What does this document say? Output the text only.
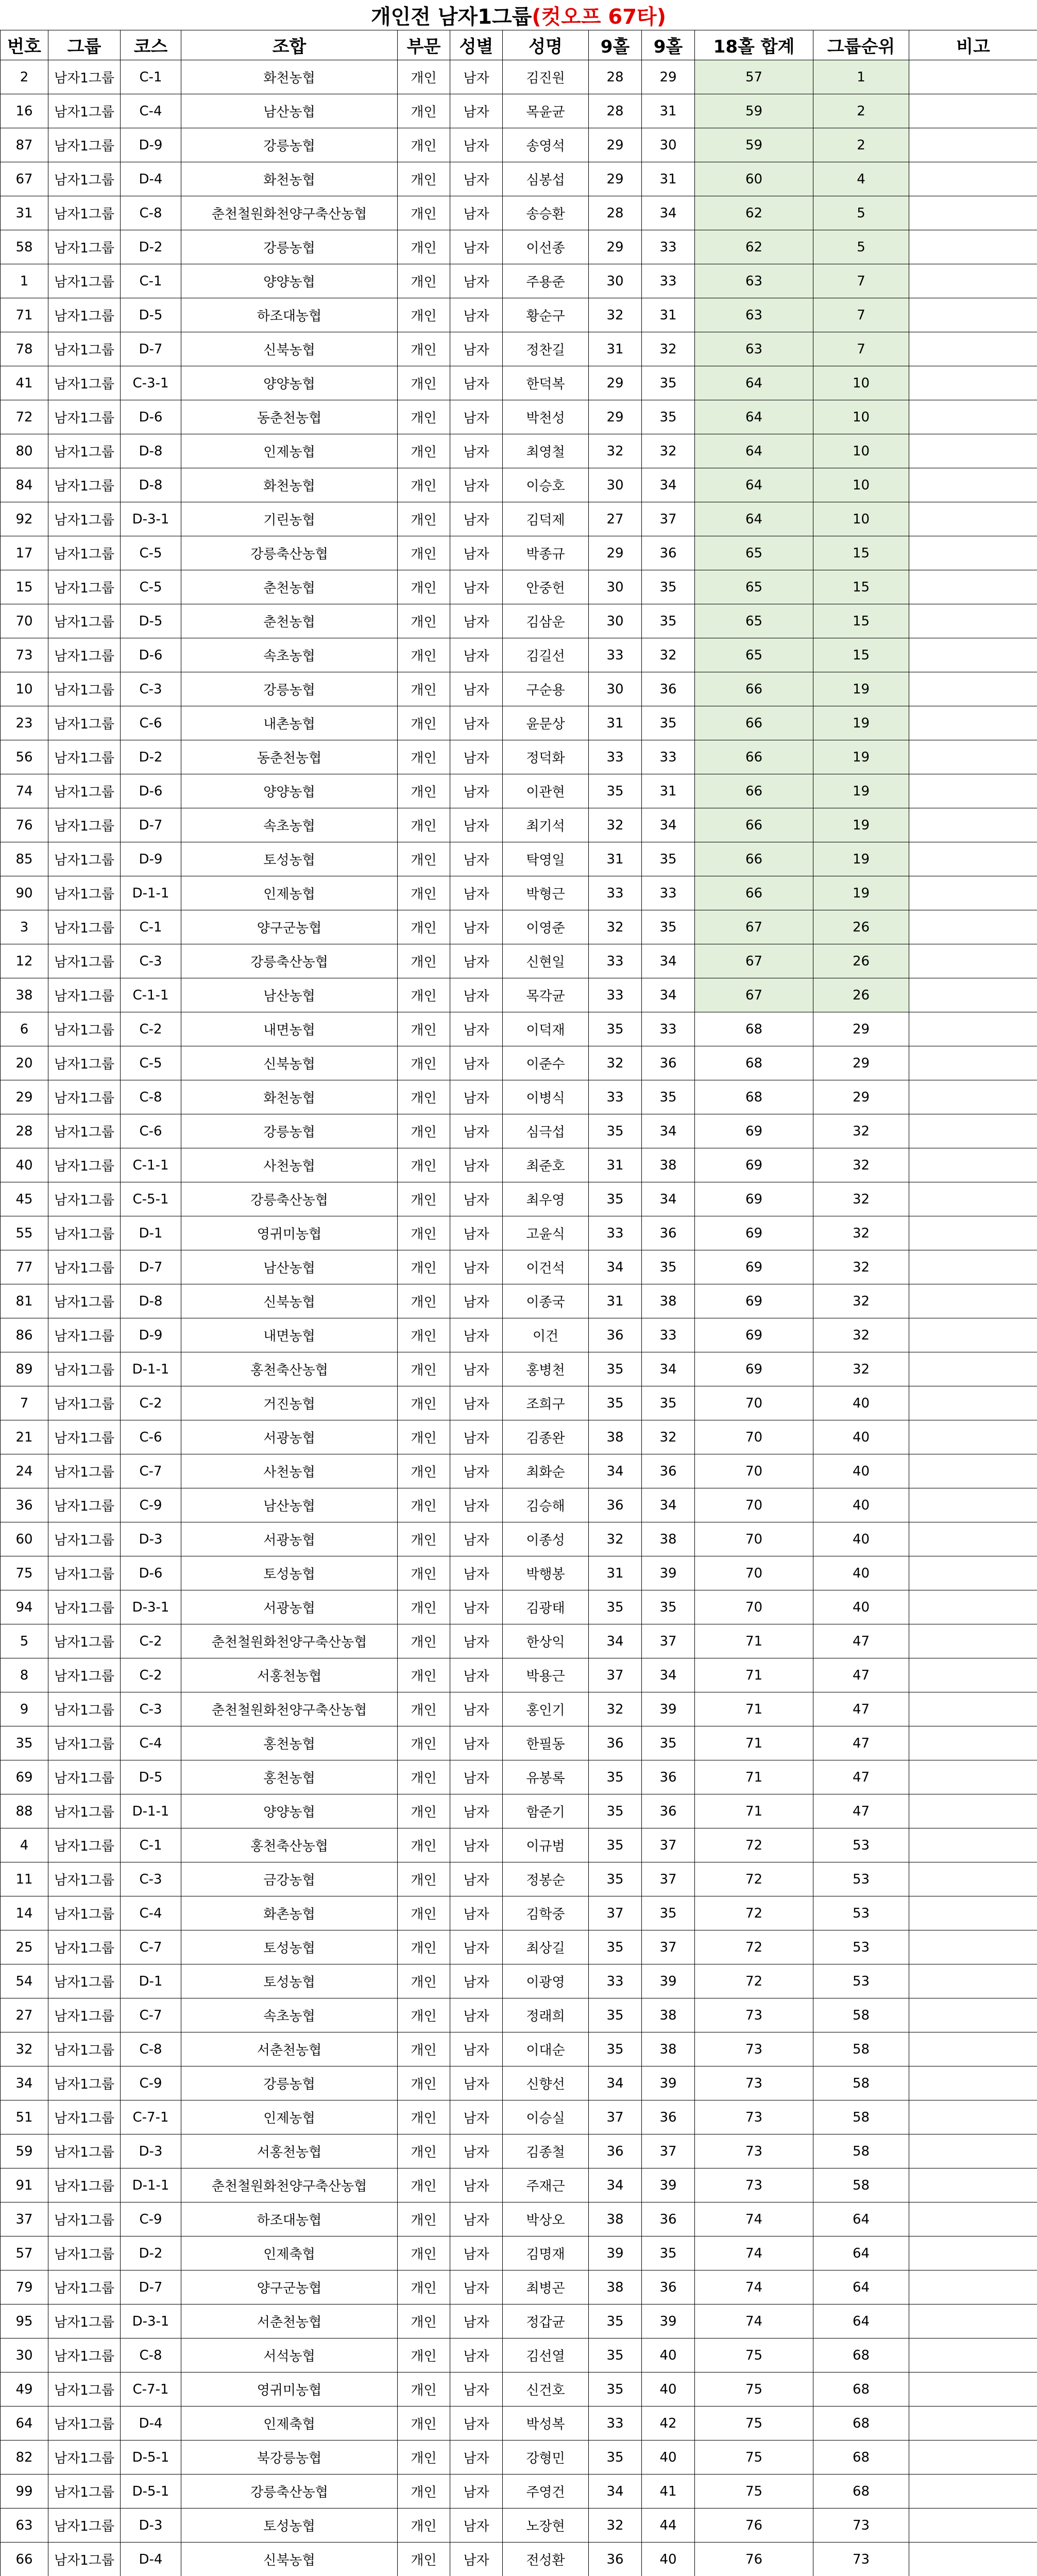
개인전 남자1그룹 (컷오프 67타)
번호	그룹	코스	조합	부문	성별	성명	9홀	9홀	18홀 합계	그룹순위	비고
2	남자1그룹	C-1	화천농협	개인	남자	김진원	28	29	57	1	
16	남자1그룹	C-4	남산농협	개인	남자	목윤균	28	31	59	2	
87	남자1그룹	D-9	강릉농협	개인	남자	송영석	29	30	59	2	
67	남자1그룹	D-4	화천농협	개인	남자	심봉섭	29	31	60	4	
31	남자1그룹	C-8	춘천철원화천양구축산농협	개인	남자	송승환	28	34	62	5	
58	남자1그룹	D-2	강릉농협	개인	남자	이선종	29	33	62	5	
1	남자1그룹	C-1	양양농협	개인	남자	주용준	30	33	63	7	
71	남자1그룹	D-5	하조대농협	개인	남자	황순구	32	31	63	7	
78	남자1그룹	D-7	신북농협	개인	남자	정찬길	31	32	63	7	
41	남자1그룹	C-3-1	양양농협	개인	남자	한덕복	29	35	64	10	
72	남자1그룹	D-6	동춘천농협	개인	남자	박천성	29	35	64	10	
80	남자1그룹	D-8	인제농협	개인	남자	최영철	32	32	64	10	
84	남자1그룹	D-8	화천농협	개인	남자	이승호	30	34	64	10	
92	남자1그룹	D-3-1	기린농협	개인	남자	김덕제	27	37	64	10	
17	남자1그룹	C-5	강릉축산농협	개인	남자	박종규	29	36	65	15	
15	남자1그룹	C-5	춘천농협	개인	남자	안중헌	30	35	65	15	
70	남자1그룹	D-5	춘천농협	개인	남자	김삼운	30	35	65	15	
73	남자1그룹	D-6	속초농협	개인	남자	김길선	33	32	65	15	
10	남자1그룹	C-3	강릉농협	개인	남자	구순용	30	36	66	19	
23	남자1그룹	C-6	내촌농협	개인	남자	윤문상	31	35	66	19	
56	남자1그룹	D-2	동춘천농협	개인	남자	정덕화	33	33	66	19	
74	남자1그룹	D-6	양양농협	개인	남자	이관현	35	31	66	19	
76	남자1그룹	D-7	속초농협	개인	남자	최기석	32	34	66	19	
85	남자1그룹	D-9	토성농협	개인	남자	탁영일	31	35	66	19	
90	남자1그룹	D-1-1	인제농협	개인	남자	박형근	33	33	66	19	
3	남자1그룹	C-1	양구군농협	개인	남자	이영준	32	35	67	26	
12	남자1그룹	C-3	강릉축산농협	개인	남자	신현일	33	34	67	26	
38	남자1그룹	C-1-1	남산농협	개인	남자	목각균	33	34	67	26	
6	남자1그룹	C-2	내면농협	개인	남자	이덕재	35	33	68	29	
20	남자1그룹	C-5	신북농협	개인	남자	이준수	32	36	68	29	
29	남자1그룹	C-8	화천농협	개인	남자	이병식	33	35	68	29	
28	남자1그룹	C-6	강릉농협	개인	남자	심극섭	35	34	69	32	
40	남자1그룹	C-1-1	사천농협	개인	남자	최준호	31	38	69	32	
45	남자1그룹	C-5-1	강릉축산농협	개인	남자	최우영	35	34	69	32	
55	남자1그룹	D-1	영귀미농협	개인	남자	고윤식	33	36	69	32	
77	남자1그룹	D-7	남산농협	개인	남자	이건석	34	35	69	32	
81	남자1그룹	D-8	신북농협	개인	남자	이종국	31	38	69	32	
86	남자1그룹	D-9	내면농협	개인	남자	이건	36	33	69	32	
89	남자1그룹	D-1-1	홍천축산농협	개인	남자	홍병천	35	34	69	32	
7	남자1그룹	C-2	거진농협	개인	남자	조희구	35	35	70	40	
21	남자1그룹	C-6	서광농협	개인	남자	김종완	38	32	70	40	
24	남자1그룹	C-7	사천농협	개인	남자	최화순	34	36	70	40	
36	남자1그룹	C-9	남산농협	개인	남자	김승해	36	34	70	40	
60	남자1그룹	D-3	서광농협	개인	남자	이종성	32	38	70	40	
75	남자1그룹	D-6	토성농협	개인	남자	박행봉	31	39	70	40	
94	남자1그룹	D-3-1	서광농협	개인	남자	김광태	35	35	70	40	
5	남자1그룹	C-2	춘천철원화천양구축산농협	개인	남자	한상익	34	37	71	47	
8	남자1그룹	C-2	서홍천농협	개인	남자	박용근	37	34	71	47	
9	남자1그룹	C-3	춘천철원화천양구축산농협	개인	남자	홍인기	32	39	71	47	
35	남자1그룹	C-4	홍천농협	개인	남자	한필동	36	35	71	47	
69	남자1그룹	D-5	홍천농협	개인	남자	유봉록	35	36	71	47	
88	남자1그룹	D-1-1	양양농협	개인	남자	함준기	35	36	71	47	
4	남자1그룹	C-1	홍천축산농협	개인	남자	이규범	35	37	72	53	
11	남자1그룹	C-3	금강농협	개인	남자	정봉순	35	37	72	53	
14	남자1그룹	C-4	화촌농협	개인	남자	김학중	37	35	72	53	
25	남자1그룹	C-7	토성농협	개인	남자	최상길	35	37	72	53	
54	남자1그룹	D-1	토성농협	개인	남자	이광영	33	39	72	53	
27	남자1그룹	C-7	속초농협	개인	남자	정래희	35	38	73	58	
32	남자1그룹	C-8	서춘천농협	개인	남자	이대순	35	38	73	58	
34	남자1그룹	C-9	강릉농협	개인	남자	신향선	34	39	73	58	
51	남자1그룹	C-7-1	인제농협	개인	남자	이승실	37	36	73	58	
59	남자1그룹	D-3	서홍천농협	개인	남자	김종철	36	37	73	58	
91	남자1그룹	D-1-1	춘천철원화천양구축산농협	개인	남자	주재근	34	39	73	58	
37	남자1그룹	C-9	하조대농협	개인	남자	박상오	38	36	74	64	
57	남자1그룹	D-2	인제축협	개인	남자	김명재	39	35	74	64	
79	남자1그룹	D-7	양구군농협	개인	남자	최병곤	38	36	74	64	
95	남자1그룹	D-3-1	서춘천농협	개인	남자	정갑균	35	39	74	64	
30	남자1그룹	C-8	서석농협	개인	남자	김선열	35	40	75	68	
49	남자1그룹	C-7-1	영귀미농협	개인	남자	신건호	35	40	75	68	
64	남자1그룹	D-4	인제축협	개인	남자	박성복	33	42	75	68	
82	남자1그룹	D-5-1	북강릉농협	개인	남자	강형민	35	40	75	68	
99	남자1그룹	D-5-1	강릉축산농협	개인	남자	주영건	34	41	75	68	
63	남자1그룹	D-3	토성농협	개인	남자	노장현	32	44	76	73	
66	남자1그룹	D-4	신북농협	개인	남자	전성환	36	40	76	73	
